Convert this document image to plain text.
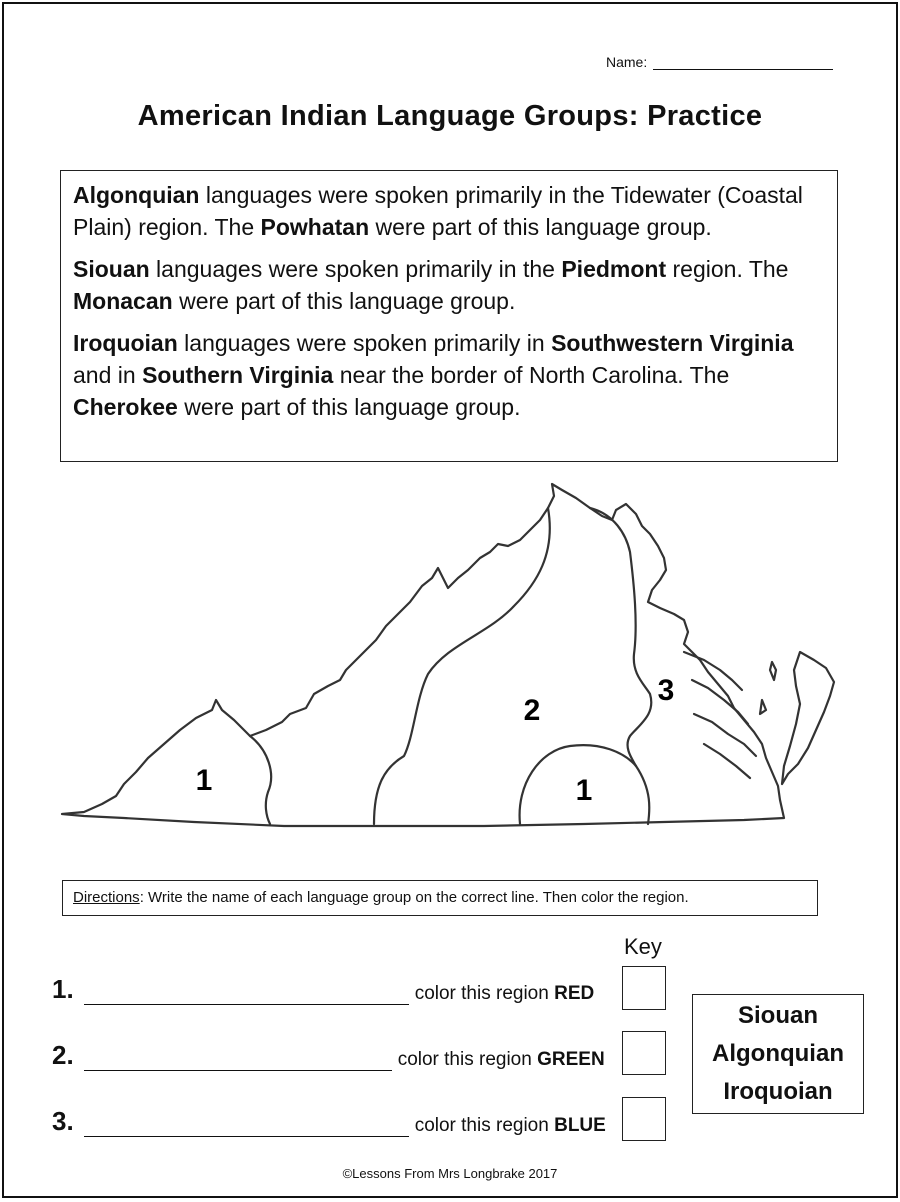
Name:
American Indian Language Groups: Practice

Algonquian languages were spoken primarily in the Tidewater (Coastal Plain) region. The Powhatan were part of this language group.

Siouan languages were spoken primarily in the Piedmont region. The Monacan were part of this language group.

Iroquoian languages were spoken primarily in Southwestern Virginia and in Southern Virginia near the border of North Carolina. The Cherokee were part of this language group.

1
2
3
1
Directions: Write the name of each language group on the correct line. Then color the region.
Key
1.	color this region RED
2.	color this region GREEN
3.	color this region BLUE
Siouan
Algonquian
Iroquoian
©Lessons From Mrs Longbrake 2017
